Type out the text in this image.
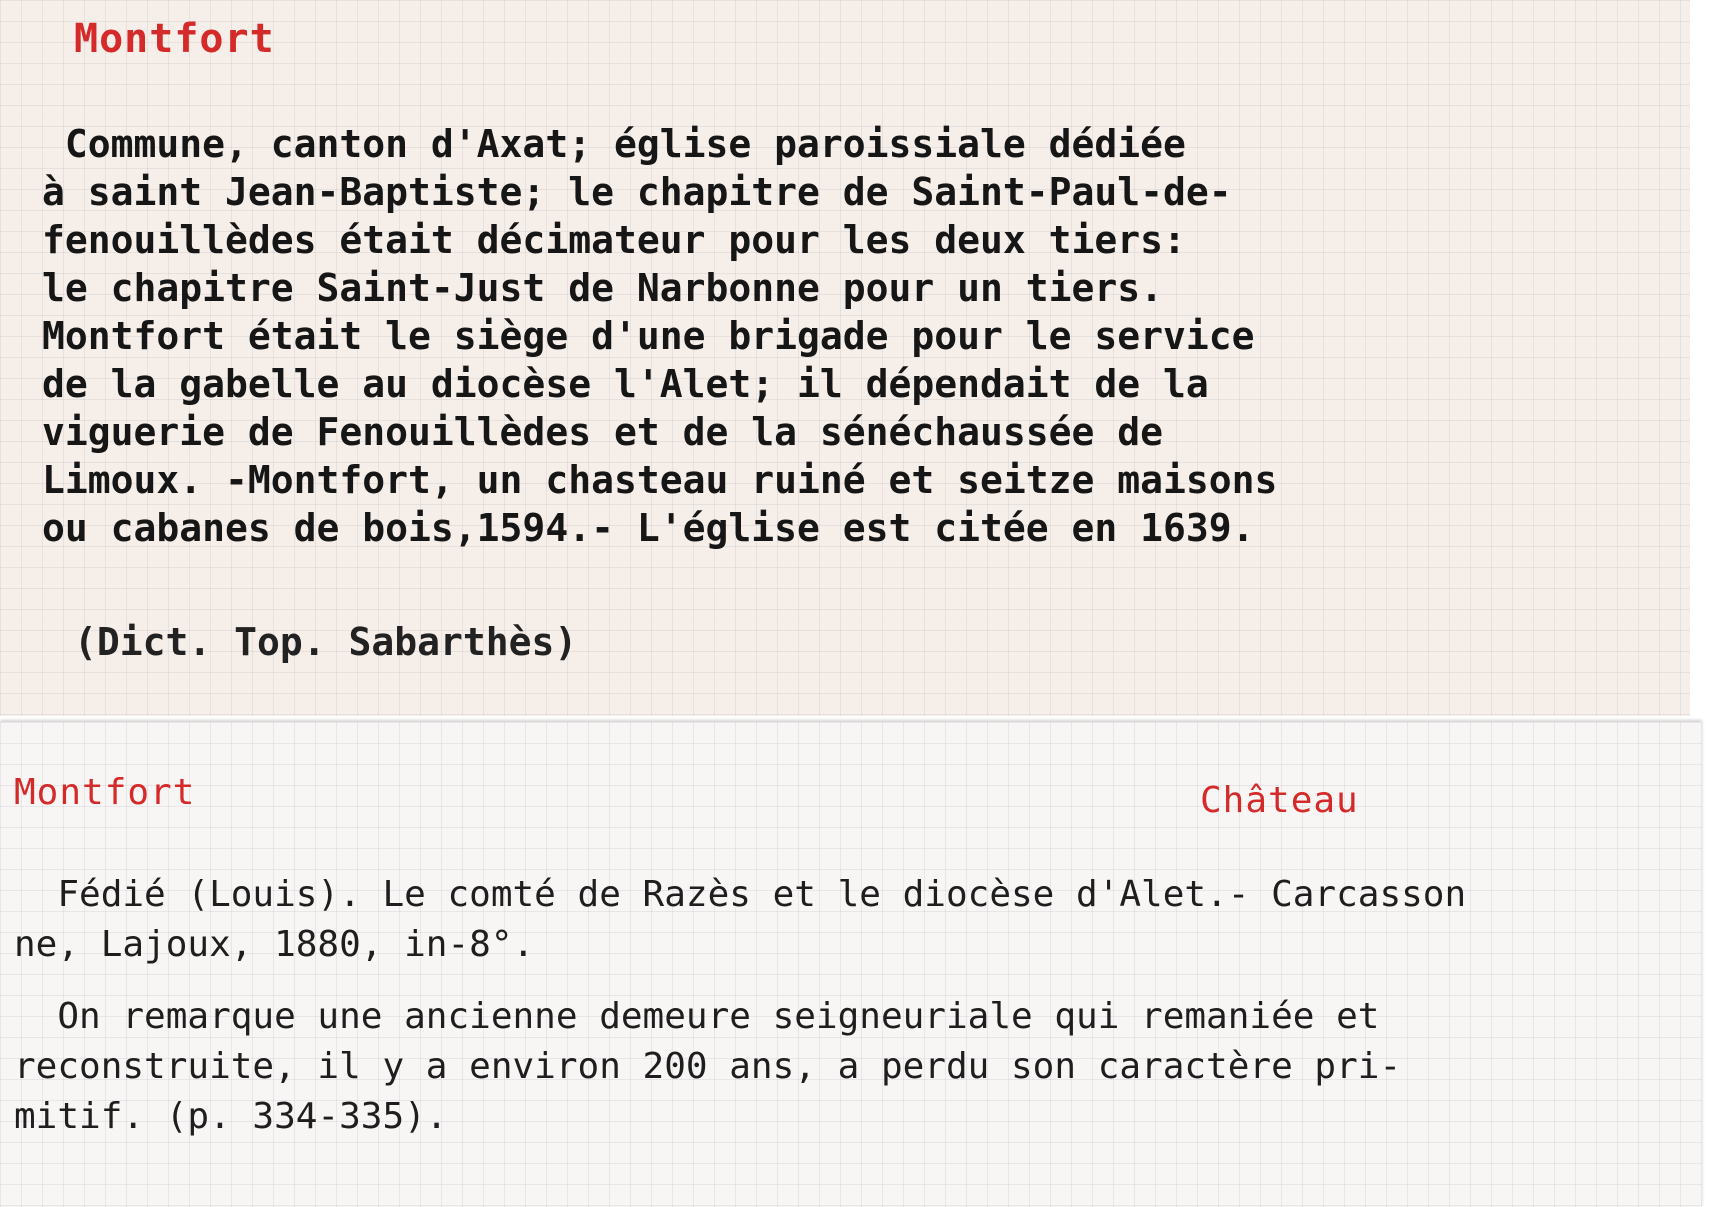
Montfort
Commune, canton d'Axat; église paroissiale dédiée
à saint Jean-Baptiste; le chapitre de Saint-Paul-de-
fenouillèdes était décimateur pour les deux tiers:
le chapitre Saint-Just de Narbonne pour un tiers.
Montfort était le siège d'une brigade pour le service
de la gabelle au diocèse l'Alet; il dépendait de la
viguerie de Fenouillèdes et de la sénéchaussée de
Limoux. -Montfort, un chasteau ruiné et seitze maisons
ou cabanes de bois,1594.- L'église est citée en 1639.
(Dict. Top. Sabarthès)
Montfort	Château
Fédié (Louis). Le comté de Razès et le diocèse d'Alet.- Carcasson
ne, Lajoux, 1880, in-8°.
On remarque une ancienne demeure seigneuriale qui remaniée et
reconstruite, il y a environ 200 ans, a perdu son caractère pri-
mitif. (p. 334-335).
